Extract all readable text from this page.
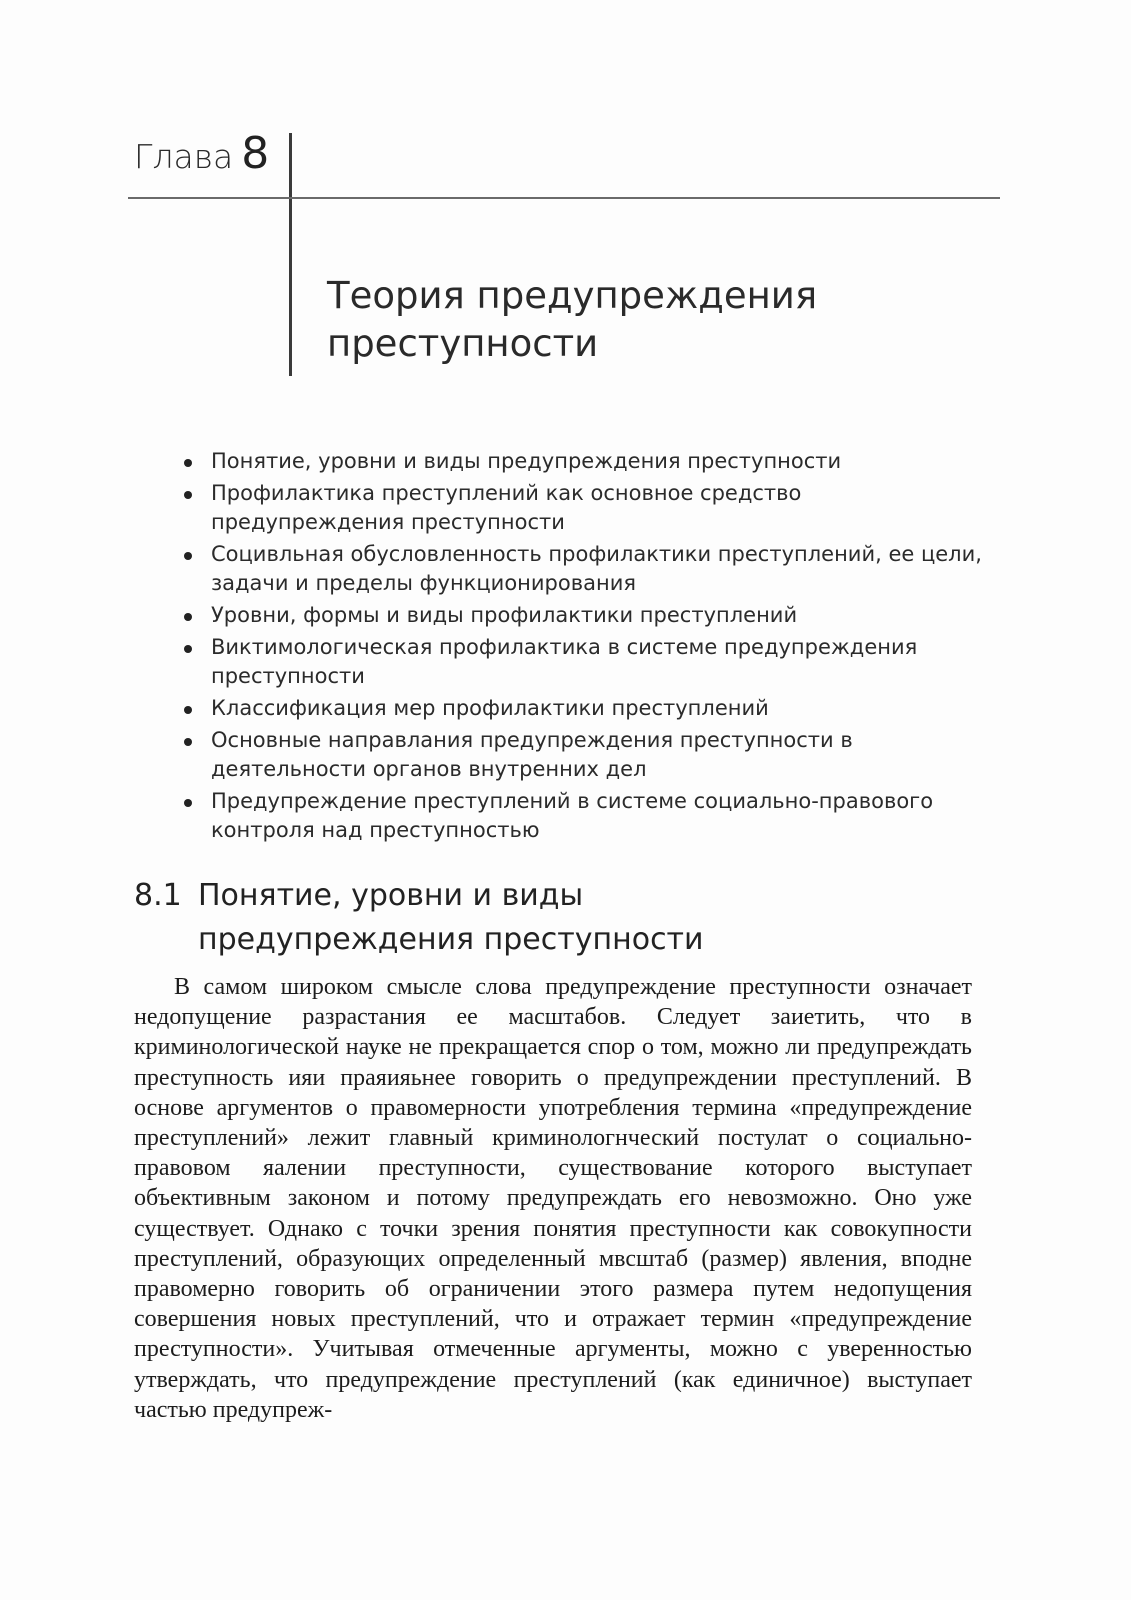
Глава 8
Теория предупреждения преступности
Понятие, уровни и виды предупреждения преступности
Профилактика преступлений как основное средство предупреждения преступности
Социвльная обусловленность профилактики преступлений, ее цели, задачи и пределы функционирования
Уровни, формы и виды профилактики преступлений
Виктимологическая профилактика в системе предупреждения преступности
Классификация мер профилактики преступлений
Основные направлания предупреждения преступности в деятельности органов внутренних дел
Предупреждение преступлений в системе социально-правового контроля над преступностью
8.1 Понятие, уровни и виды предупреждения преступности

В самом широком смысле слова предупреждение преступности означает недопущение разрастания ее масштабов. Следует заиетить, что в криминологической науке не прекращается спор о том, можно ли предупреждать преступность ияи праяияьнее говорить о предупреждении преступлений. В основе аргументов о правомерности употребления термина «предупреждение преступлений» лежит главный криминологнческий постулат о социально-правовом яалении преступности, существование которого выступает объективным законом и потому предупреждать его невозможно. Оно уже существует. Однако с точки зрения понятия преступности как совокупности преступлений, образующих определенный мвсштаб (размер) явления, вподне правомерно говорить об ограничении этого размера путем недопущения совершения новых преступлений, что и отражает термин «предупреждение преступности». Учитывая отмеченные аргументы, можно с уверенностью утверждать, что предупреждение преступлений (как единичное) выступает частью предупреж-
